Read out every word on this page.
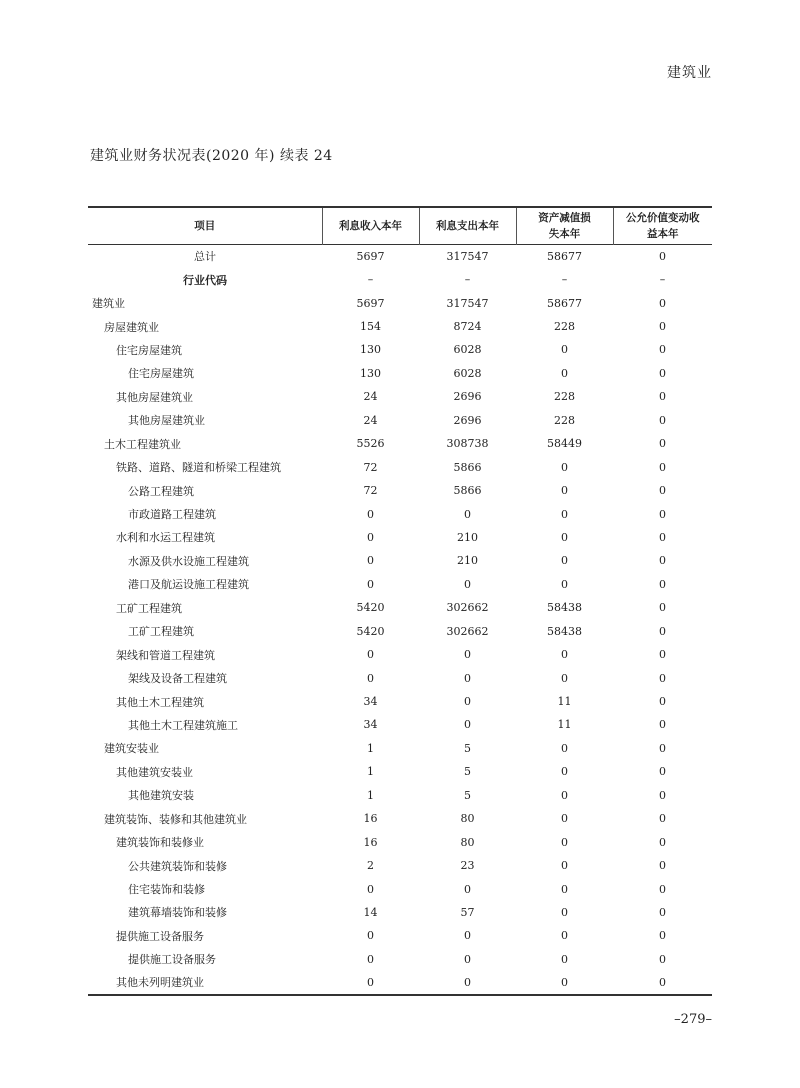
建筑业
建筑业财务状况表(2020 年) 续表 24
项目	利息收入本年	利息支出本年	资产减值损失本年	公允价值变动收益本年
总计	5697	317547	58677	0
行业代码	–	–	–	–
建筑业	5697	317547	58677	0
房屋建筑业	154	8724	228	0
住宅房屋建筑	130	6028	0	0
住宅房屋建筑	130	6028	0	0
其他房屋建筑业	24	2696	228	0
其他房屋建筑业	24	2696	228	0
土木工程建筑业	5526	308738	58449	0
铁路、道路、隧道和桥梁工程建筑	72	5866	0	0
公路工程建筑	72	5866	0	0
市政道路工程建筑	0	0	0	0
水利和水运工程建筑	0	210	0	0
水源及供水设施工程建筑	0	210	0	0
港口及航运设施工程建筑	0	0	0	0
工矿工程建筑	5420	302662	58438	0
工矿工程建筑	5420	302662	58438	0
架线和管道工程建筑	0	0	0	0
架线及设备工程建筑	0	0	0	0
其他土木工程建筑	34	0	11	0
其他土木工程建筑施工	34	0	11	0
建筑安装业	1	5	0	0
其他建筑安装业	1	5	0	0
其他建筑安装	1	5	0	0
建筑装饰、装修和其他建筑业	16	80	0	0
建筑装饰和装修业	16	80	0	0
公共建筑装饰和装修	2	23	0	0
住宅装饰和装修	0	0	0	0
建筑幕墙装饰和装修	14	57	0	0
提供施工设备服务	0	0	0	0
提供施工设备服务	0	0	0	0
其他未列明建筑业	0	0	0	0
–279–
